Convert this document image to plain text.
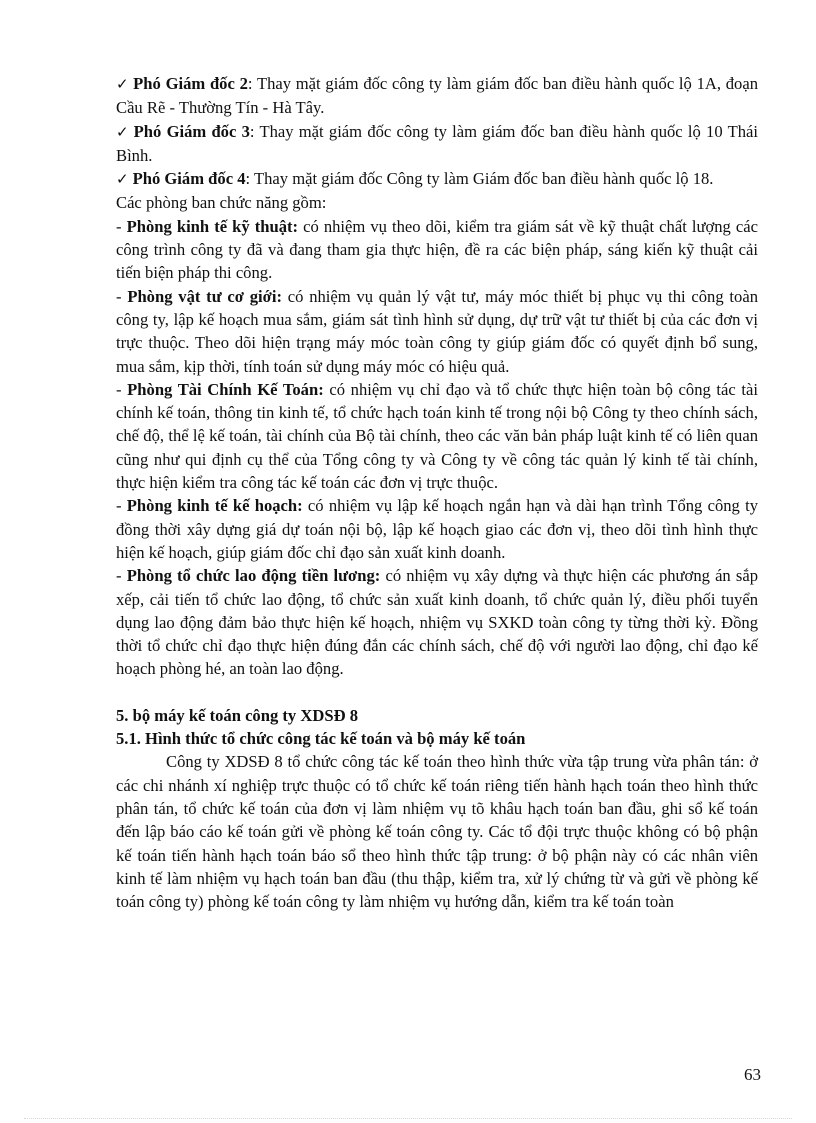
✓ Phó Giám đốc 2: Thay mặt giám đốc công ty làm giám đốc ban điều hành quốc lộ 1A, đoạn Cầu Rẽ - Thường Tín - Hà Tây.

✓ Phó Giám đốc 3: Thay mặt giám đốc công ty làm giám đốc ban điều hành quốc lộ 10 Thái Bình.

✓ Phó Giám đốc 4: Thay mặt giám đốc Công ty làm Giám đốc ban điều hành quốc lộ 18.

Các phòng ban chức năng gồm:

- Phòng kinh tế kỹ thuật: có nhiệm vụ theo dõi, kiểm tra giám sát về kỹ thuật chất lượng các công trình công ty đã và đang tham gia thực hiện, đề ra các biện pháp, sáng kiến kỹ thuật cải tiến biện pháp thi công.

- Phòng vật tư cơ giới: có nhiệm vụ quản lý vật tư, máy móc thiết bị phục vụ thi công toàn công ty, lập kế hoạch mua sắm, giám sát tình hình sử dụng, dự trữ vật tư thiết bị của các đơn vị trực thuộc. Theo dõi hiện trạng máy móc toàn công ty giúp giám đốc có quyết định bổ sung, mua sắm, kịp thời, tính toán sử dụng máy móc có hiệu quả.

- Phòng Tài Chính Kế Toán: có nhiệm vụ chỉ đạo và tổ chức thực hiện toàn bộ công tác tài chính kế toán, thông tin kinh tế, tổ chức hạch toán kinh tế trong nội bộ Công ty theo chính sách, chế độ, thể lệ kế toán, tài chính của Bộ tài chính, theo các văn bản pháp luật kinh tế có liên quan cũng như qui định cụ thể của Tổng công ty và Công ty về công tác quản lý kinh tế tài chính, thực hiện kiểm tra công tác kế toán các đơn vị trực thuộc.

- Phòng kinh tế kế hoạch: có nhiệm vụ lập kế hoạch ngắn hạn và dài hạn trình Tổng công ty đồng thời xây dựng giá dự toán nội bộ, lập kế hoạch giao các đơn vị, theo dõi tình hình thực hiện kế hoạch, giúp giám đốc chỉ đạo sản xuất kinh doanh.

- Phòng tổ chức lao động tiền lương: có nhiệm vụ xây dựng và thực hiện các phương án sắp xếp, cải tiến tổ chức lao động, tổ chức sản xuất kinh doanh, tổ chức quản lý, điều phối tuyển dụng lao động đảm bảo thực hiện kế hoạch, nhiệm vụ SXKD toàn công ty từng thời kỳ. Đồng thời tổ chức chỉ đạo thực hiện đúng đắn các chính sách, chế độ với người lao động, chỉ đạo kế hoạch phòng hé, an toàn lao động.

5. bộ máy kế toán công ty XDSĐ 8

5.1. Hình thức tổ chức công tác kế toán và bộ máy kế toán

Công ty XDSĐ 8 tổ chức công tác kế toán theo hình thức vừa tập trung vừa phân tán: ở các chi nhánh xí nghiệp trực thuộc có tổ chức kế toán riêng tiến hành hạch toán theo hình thức phân tán, tổ chức kế toán của đơn vị làm nhiệm vụ tõ khâu hạch toán ban đầu, ghi sổ kế toán đến lập báo cáo kế toán gửi về phòng kế toán công ty. Các tổ đội trực thuộc không có bộ phận kế toán tiến hành hạch toán báo sổ theo hình thức tập trung: ở bộ phận này có các nhân viên kinh tế làm nhiệm vụ hạch toán ban đầu (thu thập, kiểm tra, xử lý chứng từ và gửi về phòng kế toán công ty) phòng kế toán công ty làm nhiệm vụ hướng dẫn, kiểm tra kế toán toàn

63
